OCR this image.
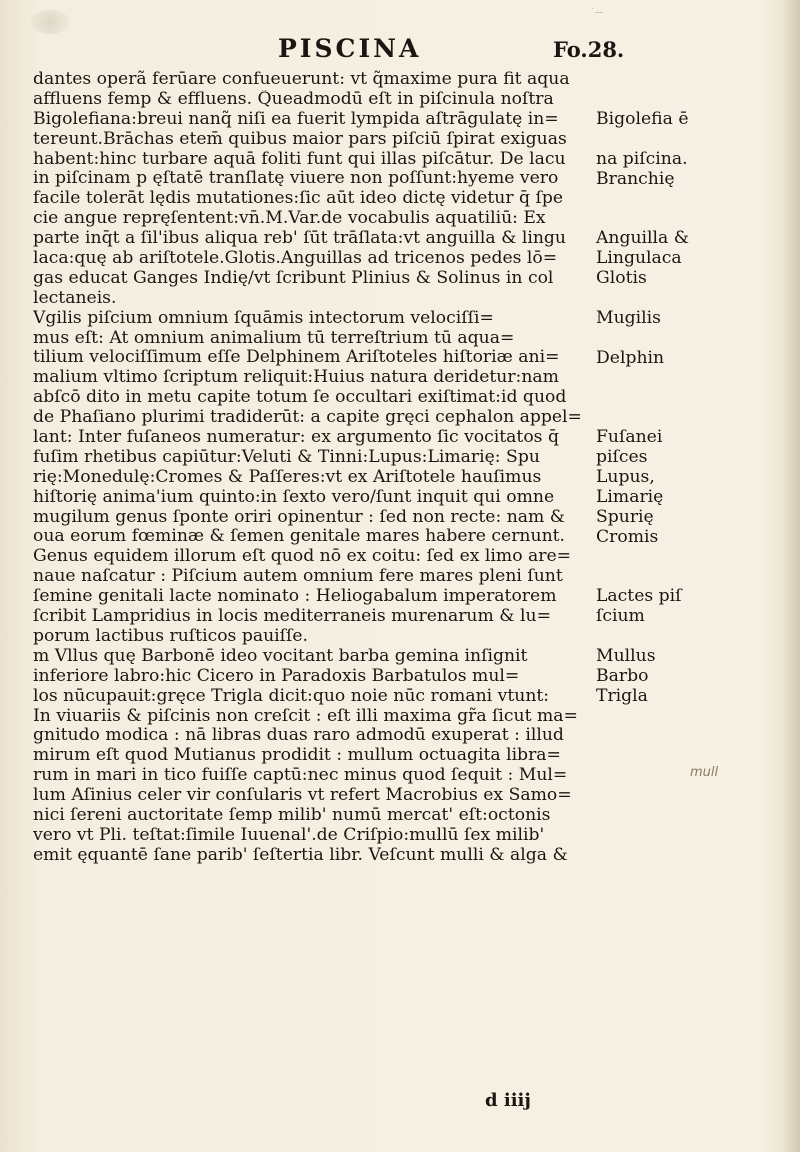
˙—
PISCINA	Fo.28.
dantes operã ferūare confueuerunt: vt q̃maxime pura fit aqua
affluens femp & effluens. Q̃ueadmodū eſt in piſcinula noſtra
Bigolefiana:breui nanq̃ niſi ea fuerit lympida aſtrāgulatę in=
tereunt.Brāchas etem̄ quibus maior pars piſciū ſpirat exiguas
habent:hinc turbare aquā foliti funt qui illas piſcātur. De lacu
in piſcinam p ęſtatē tranſlatę viuere non poſſunt:hyeme vero
facile tolerāt lędis mutationes:ſic aūt ideo dictę videtur q̄ ſpe
cie angue repręſentent:vn̄.M.Var.de vocabulis aquatiliū: Ex
parte inq̄t a ſil'ibus aliqua reb' ſūt trāſlata:vt anguilla & lingu
laca:quę ab ariſtotele.Glotis.Anguillas ad tricenos pedes lō=
gas educat Ganges Indię/vt ſcribunt Plinius & Solinus in col
lectaneis.
Vgilis piſcium omnium ſquāmis intectorum velociſſi=
mus eſt: At omnium animalium tū terreſtrium tū aqua=
tilium velociſſimum eſſe Delphinem Ariſtoteles hiſtoriæ ani=
malium vltimo ſcriptum reliquit:Huius natura deridetur:nam
abſcō dito in metu capite totum ſe occultari exiſtimat:id quod
de Phaſiano plurimi tradiderūt: a capite gręci cephalon appel=
lant: Inter fuſaneos numeratur: ex argumento ſic vocitatos q̄
fuſim rhetibus capiūtur:Veluti & Tinni:Lupus:Limarię: Spu
rię:Monedulę:Cromes & Paſſeres:vt ex Ariſtotele hauſimus
hiſtorię anima'ium quinto:in ſexto vero/ſunt inquit qui omne
mugilum genus ſponte oriri opinentur : ſed non recte: nam &
oua eorum fœminæ & ſemen genitale mares habere cernunt.
Genus equidem illorum eſt quod nō ex coitu: ſed ex limo are=
naue naſcatur : Piſcium autem omnium fere mares pleni ſunt
ſemine genitali lacte nominato : Heliogabalum imperatorem
ſcribit Lampridius in locis mediterraneis murenarum & lu=
porum lactibus ruſticos pauiſſe.
m Vllus quę Barbonē ideo vocitant barba gemina inſignit
inferiore labro:hic Cicero in Paradoxis Barbatulos mul=
los nūcupauit:gręce Trigla dicit:quo noie nūc romani vtunt:
In viuariis & piſcinis non creſcit : eſt illi maxima gr̃a ſicut ma=
gnitudo modica : nā libras duas raro admodū exuperat : illud
mirum eſt quod Mutianus prodidit : mullum octuagita libra=
rum in mari in tico fuiſſe captū:nec minus quod ſequit : Mul=
lum Aſinius celer vir conſularis vt refert Macrobius ex Samo=
nici ſereni auctoritate ſemp milib' numū mercat' eſt:octonis
vero vt Pli. teſtat:ſimile Iuuenal'.de Criſpio:mullū ſex milib'
emit ęquantē ſane parib' ſeſtertia libr. Veſcunt mulli & alga &
Bigolefia ē
na piſcina.
Branchię
Anguilla &
Lingulaca
Glotis
Mugilis
Delphin
Fuſanei
piſces
Lupus,
Limarię
Spurię
Cromis
Lactes piſ
ſcium
Mullus
Barbo
Trigla
mull
d iiij
